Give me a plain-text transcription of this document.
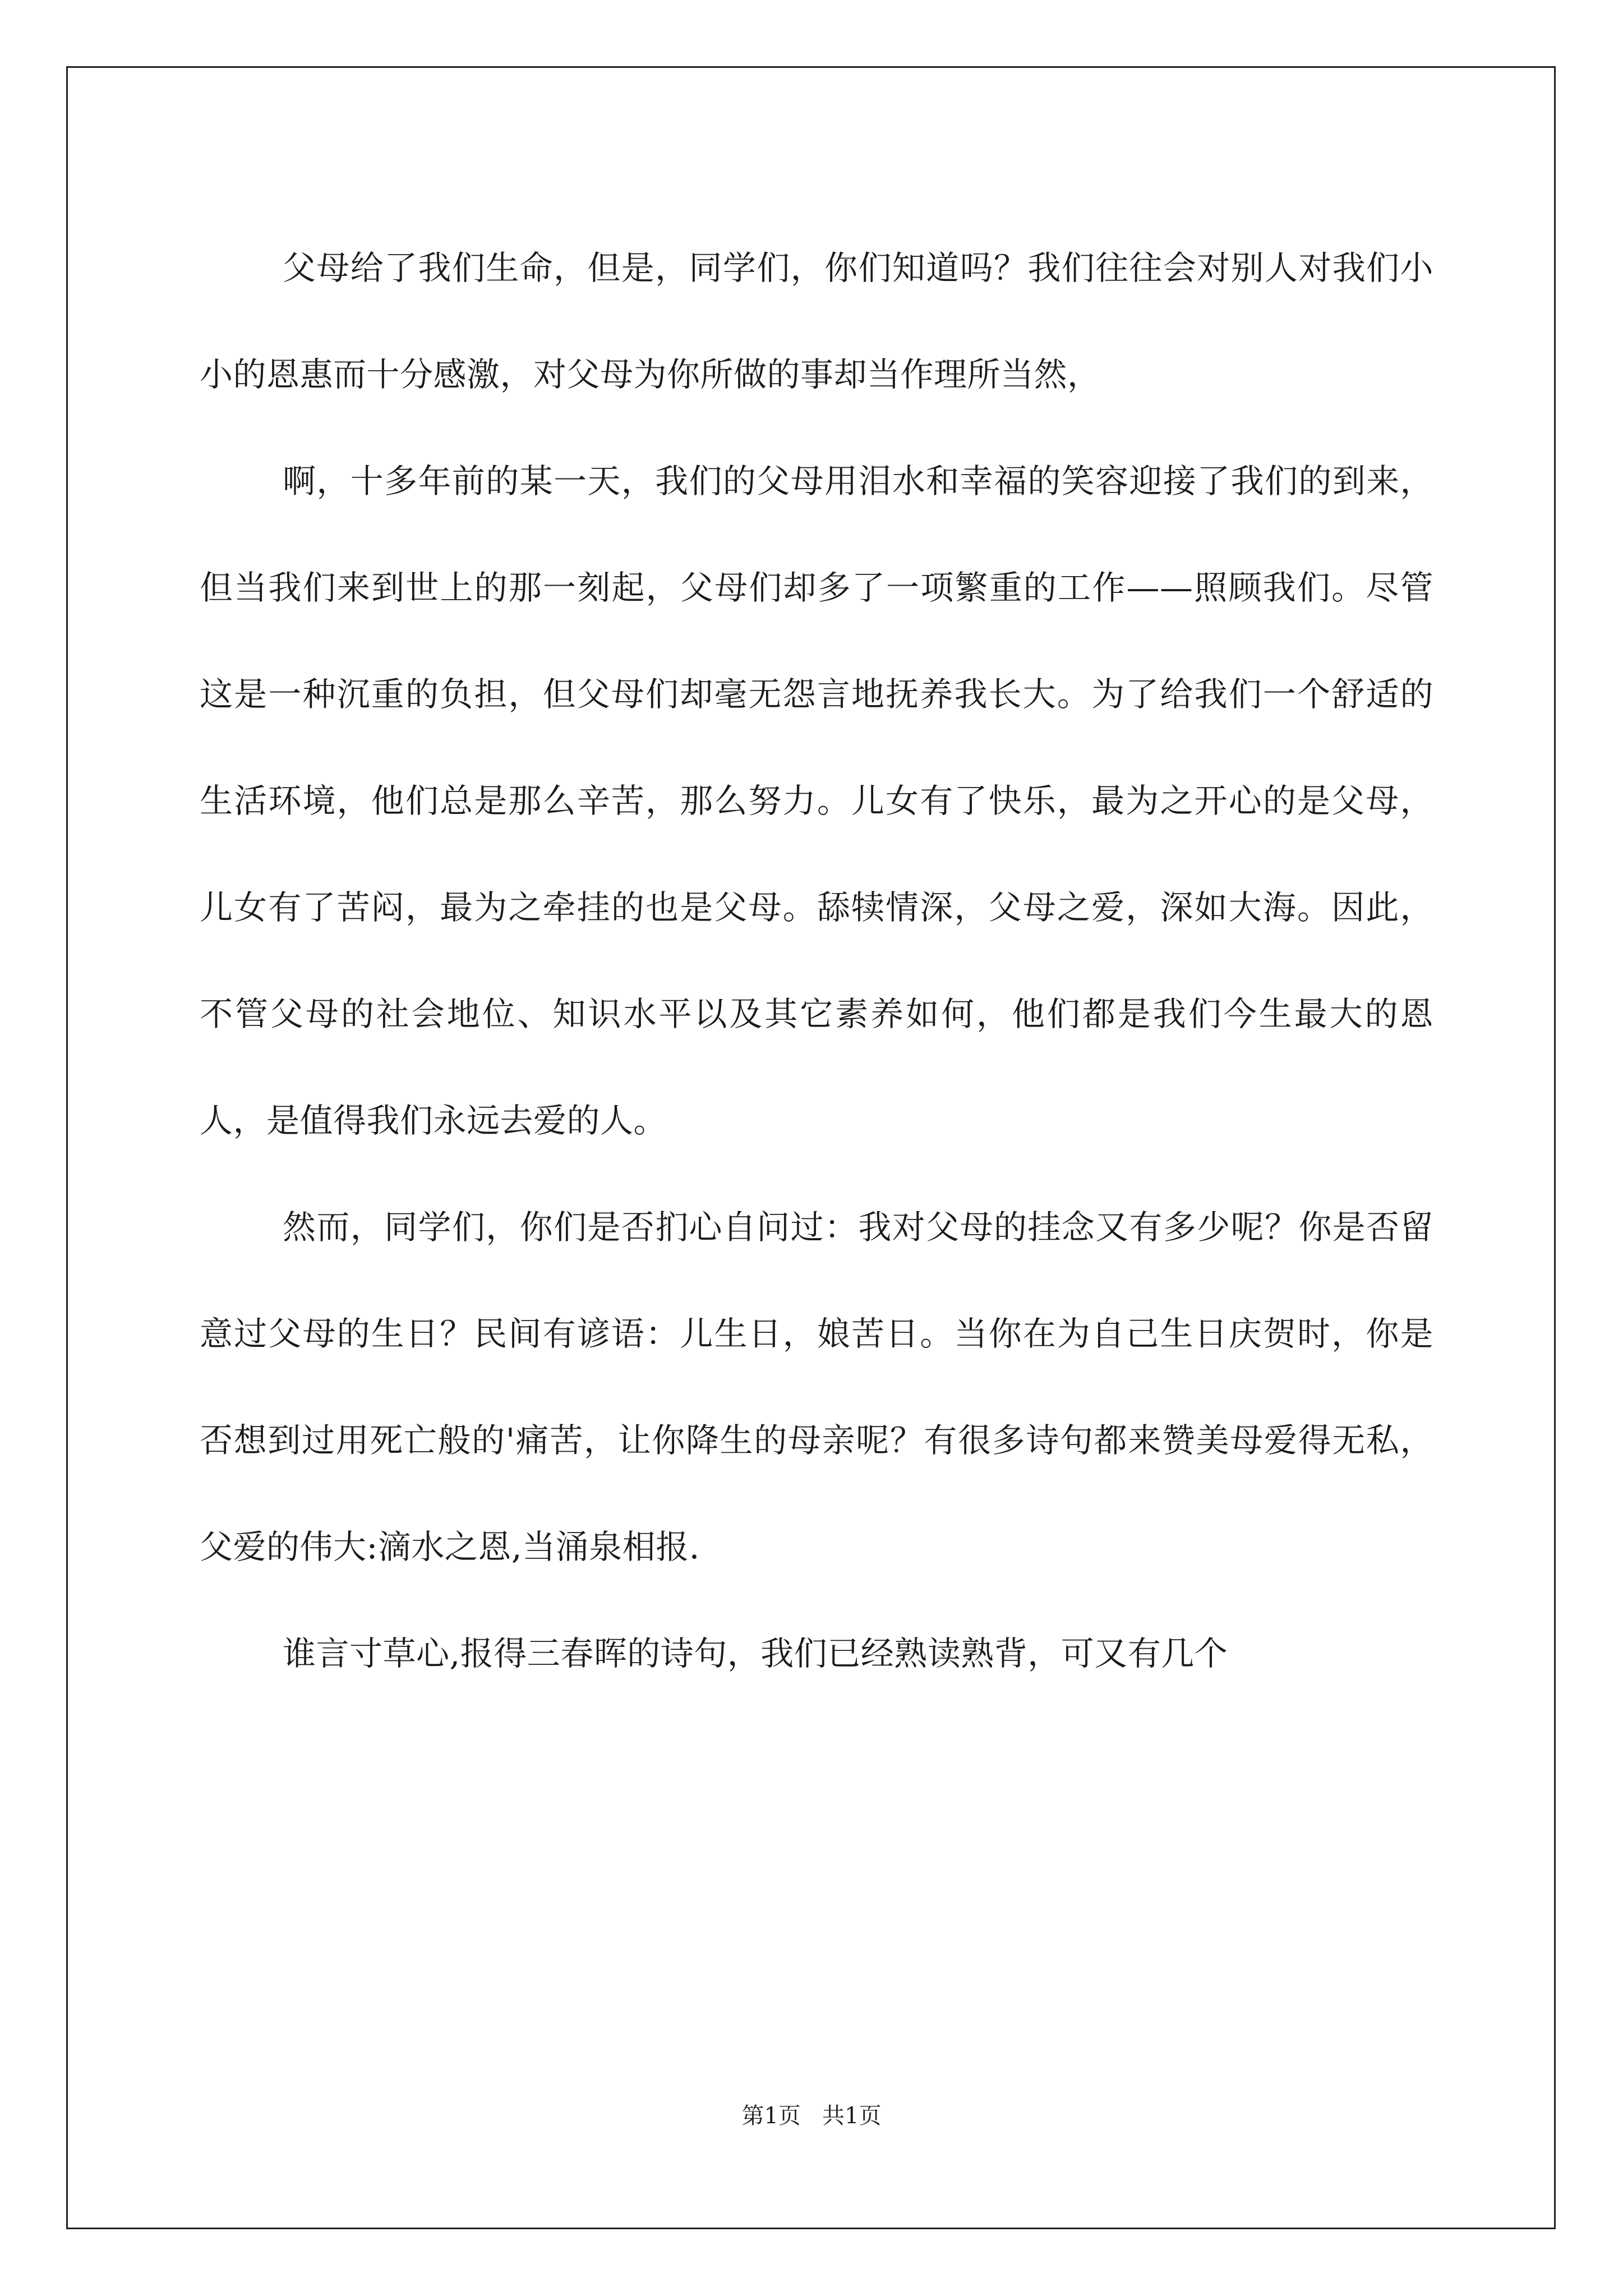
父母给了我们生命，但是，同学们，你们知道吗？我们往往会对别人对我们小小的恩惠而十分感激，对父母为你所做的事却当作理所当然，

啊，十多年前的某一天，我们的父母用泪水和幸福的笑容迎接了我们的到来，但当我们来到世上的那一刻起，父母们却多了一项繁重的工作——照顾我们。尽管这是一种沉重的负担，但父母们却毫无怨言地抚养我长大。为了给我们一个舒适的生活环境，他们总是那么辛苦，那么努力。儿女有了快乐，最为之开心的是父母，儿女有了苦闷，最为之牵挂的也是父母。舔犊情深，父母之爱，深如大海。因此，不管父母的社会地位、知识水平以及其它素养如何，他们都是我们今生最大的恩人，是值得我们永远去爱的人。

然而，同学们，你们是否扪心自问过：我对父母的挂念又有多少呢？你是否留意过父母的生日？民间有谚语：儿生日，娘苦日。当你在为自己生日庆贺时，你是否想到过用死亡般的'痛苦，让你降生的母亲呢？有很多诗句都来赞美母爱得无私，父爱的伟大:滴水之恩,当涌泉相报.

谁言寸草心,报得三春晖的诗句，我们已经熟读熟背，可又有几个

第1页   共1页
